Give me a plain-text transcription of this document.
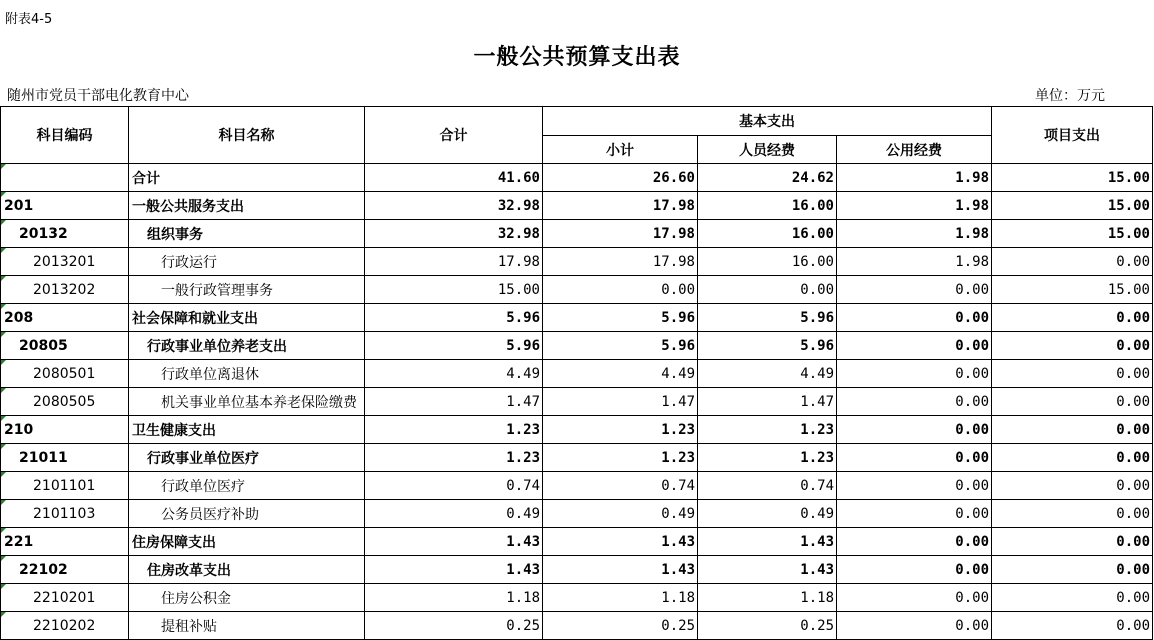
附表4-5
一般公共预算支出表
随州市党员干部电化教育中心	单位：万元
科目编码	科目名称	合计	基本支出			项目支出
			小计	人员经费	公用经费	
	合计	41.60	26.60	24.62	1.98	15.00
201	一般公共服务支出	32.98	17.98	16.00	1.98	15.00
20132	组织事务	32.98	17.98	16.00	1.98	15.00
2013201	行政运行	17.98	17.98	16.00	1.98	0.00
2013202	一般行政管理事务	15.00	0.00	0.00	0.00	15.00
208	社会保障和就业支出	5.96	5.96	5.96	0.00	0.00
20805	行政事业单位养老支出	5.96	5.96	5.96	0.00	0.00
2080501	行政单位离退休	4.49	4.49	4.49	0.00	0.00
2080505	机关事业单位基本养老保险缴费	1.47	1.47	1.47	0.00	0.00
210	卫生健康支出	1.23	1.23	1.23	0.00	0.00
21011	行政事业单位医疗	1.23	1.23	1.23	0.00	0.00
2101101	行政单位医疗	0.74	0.74	0.74	0.00	0.00
2101103	公务员医疗补助	0.49	0.49	0.49	0.00	0.00
221	住房保障支出	1.43	1.43	1.43	0.00	0.00
22102	住房改革支出	1.43	1.43	1.43	0.00	0.00
2210201	住房公积金	1.18	1.18	1.18	0.00	0.00
2210202	提租补贴	0.25	0.25	0.25	0.00	0.00
